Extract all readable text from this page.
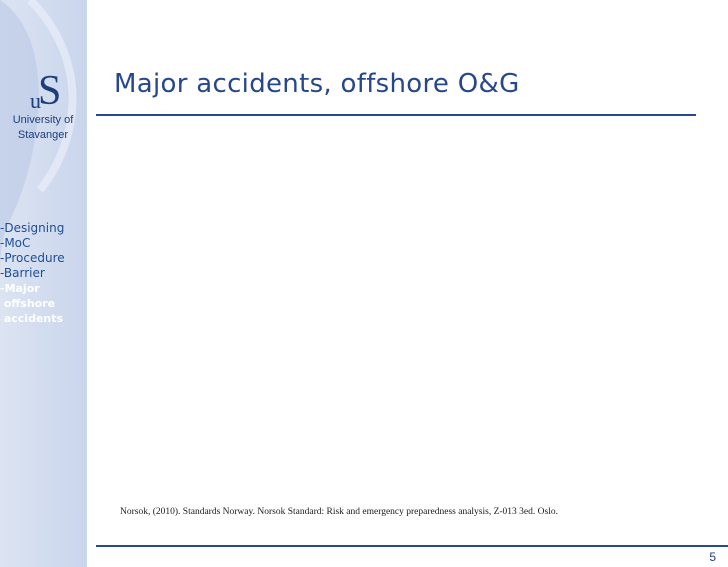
u
S
University of
Stavanger
-Designing
-MoC
-Procedure
-Barrier
-Major
offshore
accidents
Major accidents, offshore O&G
Norsok, (2010). Standards Norway. Norsok Standard: Risk and emergency preparedness analysis, Z-013 3ed. Oslo.
5
